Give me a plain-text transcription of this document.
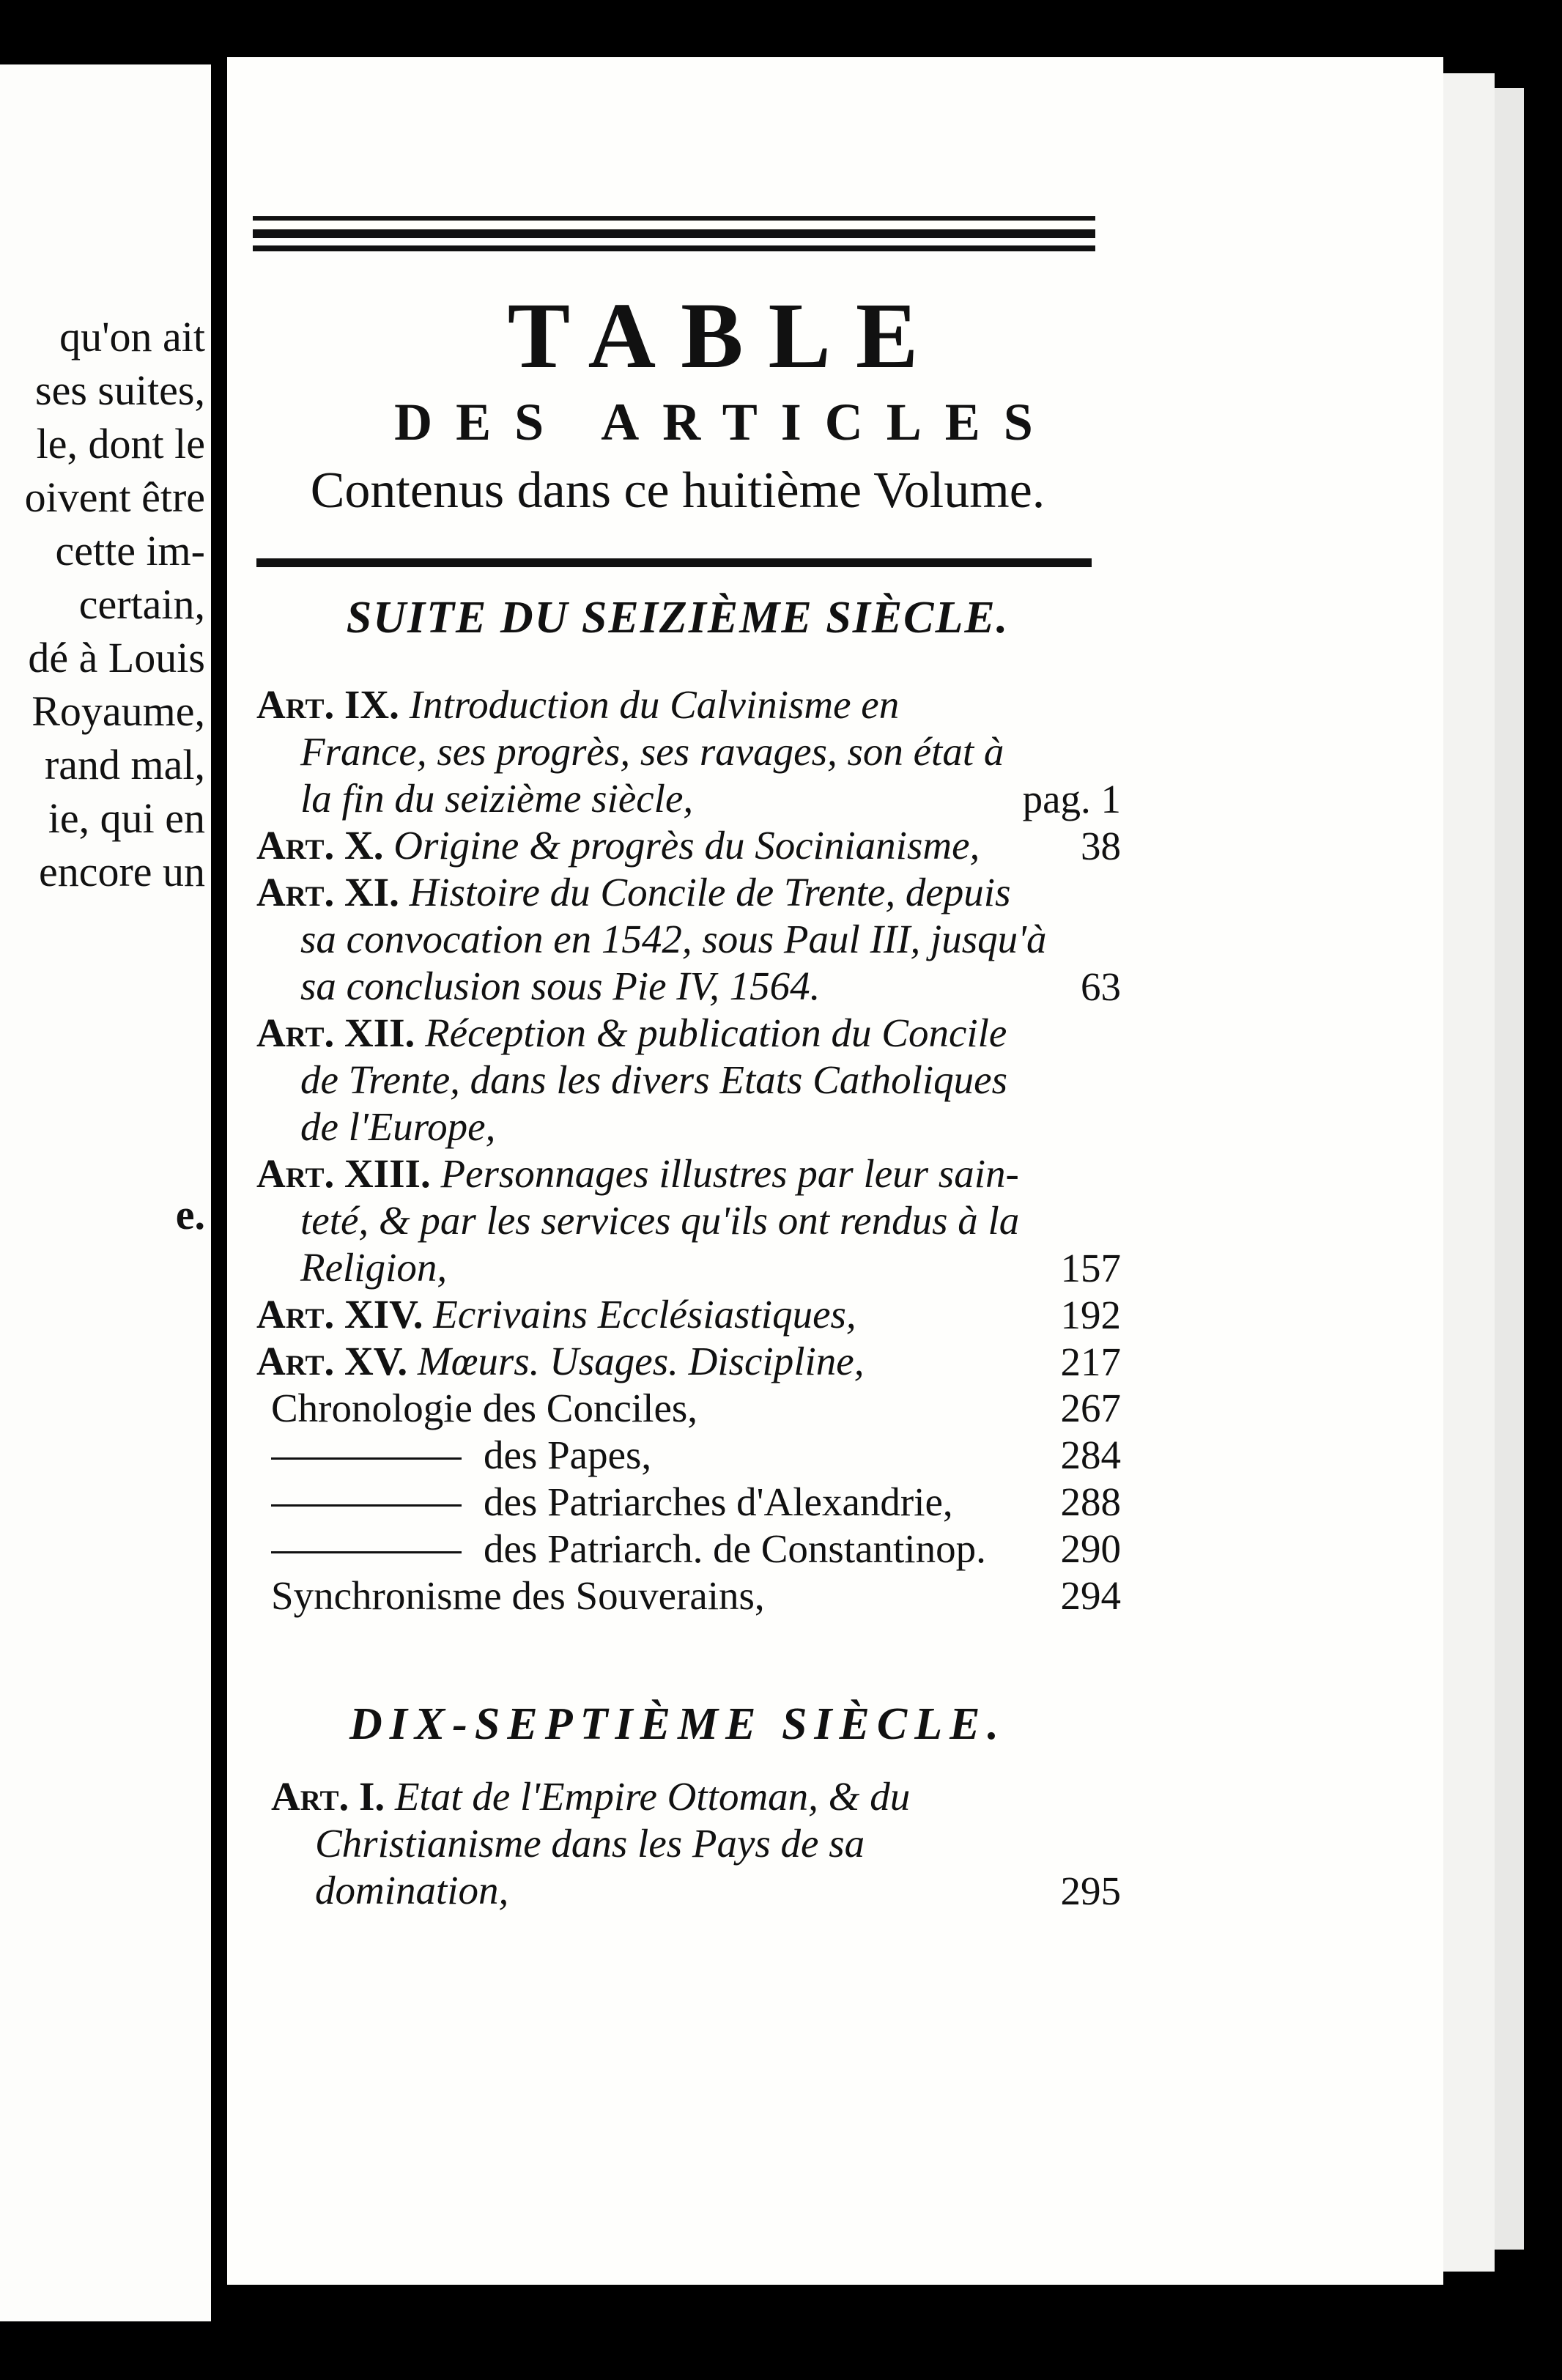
qu'on ait
ses suites,
le, dont le
oivent être
cette im-
certain,
dé à Louis
Royaume,
rand mal,
ie, qui en
encore un
e.
TABLE
DES ARTICLES
Contenus dans ce huitième Volume.
SUITE DU SEIZIÈME SIÈCLE.
Art. IX. Introduction du Calvinisme en
France, ses progrès, ses ravages, son état à
la fin du seizième siècle,	pag. 1
Art. X. Origine & progrès du Socinianisme,	38
Art. XI. Histoire du Concile de Trente, depuis
sa convocation en 1542, sous Paul III, jusqu'à
sa conclusion sous Pie IV, 1564.	63
Art. XII. Réception & publication du Concile
de Trente, dans les divers Etats Catholiques
de l'Europe,
Art. XIII. Personnages illustres par leur sain-
teté, & par les services qu'ils ont rendus à la
Religion,	157
Art. XIV. Ecrivains Ecclésiastiques,	192
Art. XV. Mœurs. Usages. Discipline,	217
Chronologie des Conciles,	267
des Papes,	284
des Patriarches d'Alexandrie,	288
des Patriarch. de Constantinop. 290
Synchronisme des Souverains,	294
DIX-SEPTIÈME SIÈCLE.
Art. I. Etat de l'Empire Ottoman, & du
Christianisme dans les Pays de sa domination,	295
